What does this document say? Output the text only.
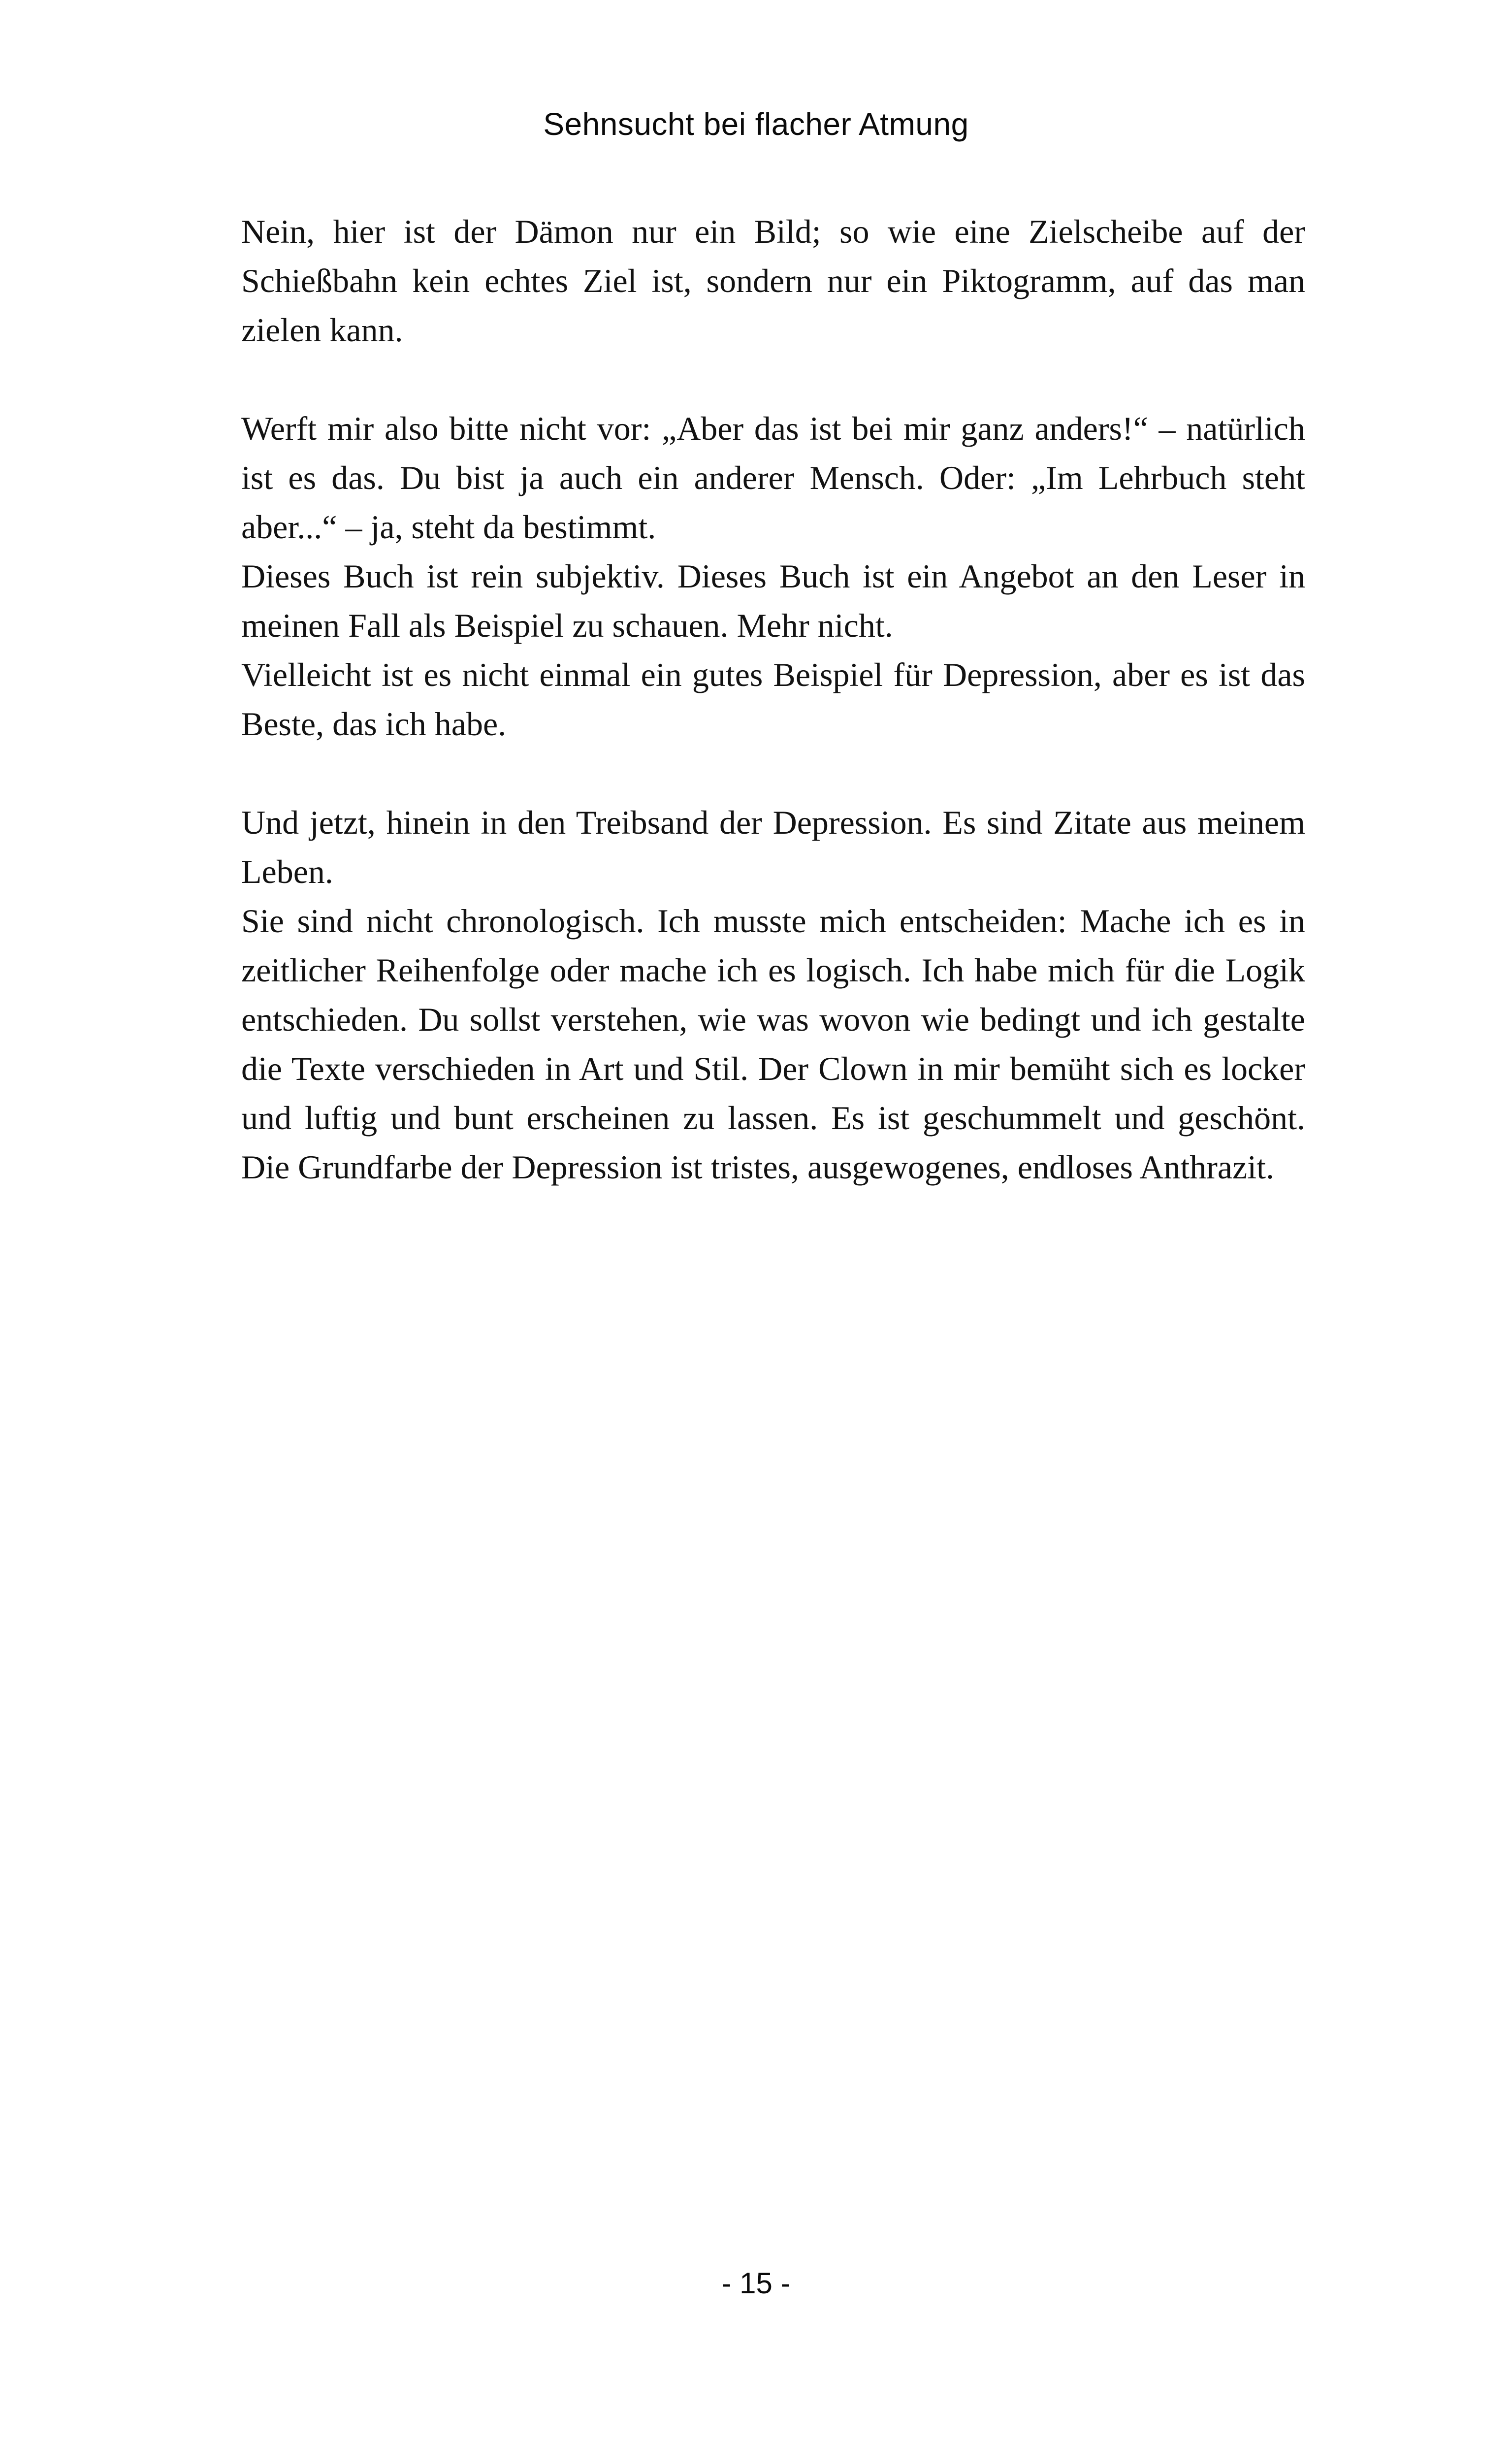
Sehnsucht bei flacher Atmung

Nein, hier ist der Dämon nur ein Bild; so wie eine Zielscheibe auf der Schießbahn kein echtes Ziel ist, sondern nur ein Piktogramm, auf das man zielen kann.

Werft mir also bitte nicht vor: „Aber das ist bei mir ganz anders!“ – natürlich ist es das. Du bist ja auch ein anderer Mensch. Oder: „Im Lehrbuch steht aber...“ – ja, steht da bestimmt.

Dieses Buch ist rein subjektiv. Dieses Buch ist ein Angebot an den Leser in meinen Fall als Beispiel zu schauen. Mehr nicht.

Vielleicht ist es nicht einmal ein gutes Beispiel für Depression, aber es ist das Beste, das ich habe.

Und jetzt, hinein in den Treibsand der Depression. Es sind Zitate aus meinem Leben.

Sie sind nicht chronologisch. Ich musste mich entscheiden: Mache ich es in zeitlicher Reihenfolge oder mache ich es logisch. Ich habe mich für die Logik entschieden. Du sollst verstehen, wie was wovon wie bedingt und ich gestalte die Texte verschieden in Art und Stil. Der Clown in mir bemüht sich es locker und luftig und bunt erscheinen zu lassen. Es ist geschummelt und geschönt. Die Grundfarbe der Depression ist tristes, ausgewogenes, endloses Anthrazit.

- 15 -
